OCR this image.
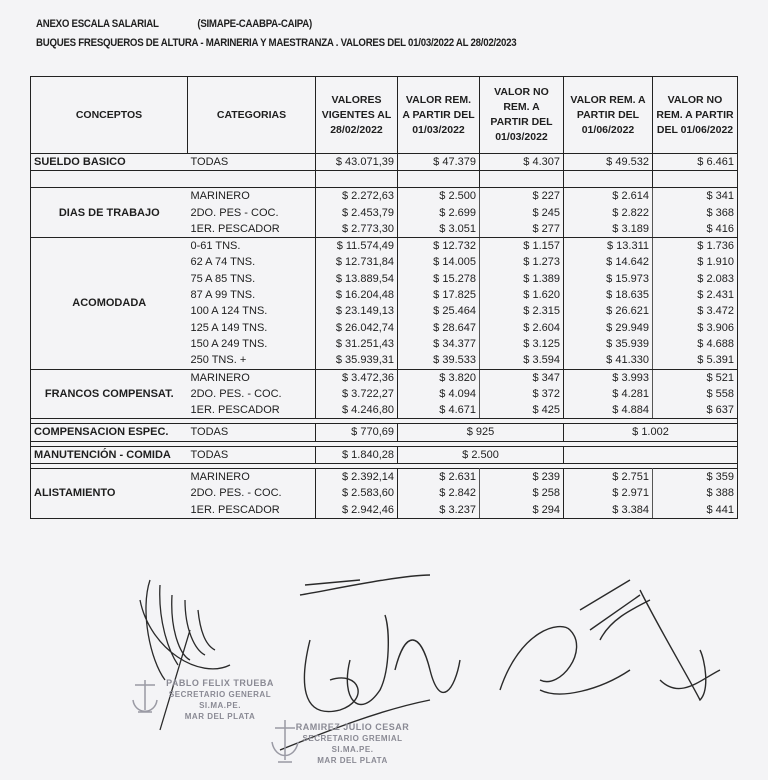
ANEXO ESCALA SALARIAL	(SIMAPE-CAABPA-CAIPA)
BUQUES FRESQUEROS DE ALTURA - MARINERIA Y MAESTRANZA . VALORES DEL 01/03/2022 AL 28/02/2023
CONCEPTOS	CATEGORIAS	VALORES VIGENTES AL 28/02/2022	VALOR REM. A PARTIR DEL 01/03/2022	VALOR NO REM. A PARTIR DEL 01/03/2022	VALOR REM. A PARTIR DEL 01/06/2022	VALOR NO REM. A PARTIR DEL 01/06/2022
SUELDO BASICO	TODAS	$ 43.071,39	$ 47.379	$ 4.307	$ 49.532	$ 6.461

DIAS DE TRABAJO	MARINERO	$ 2.272,63	$ 2.500	$ 227	$ 2.614	$ 341
	2DO. PES - COC.	$ 2.453,79	$ 2.699	$ 245	$ 2.822	$ 368
	1ER. PESCADOR	$ 2.773,30	$ 3.051	$ 277	$ 3.189	$ 416
ACOMODADA	0-61 TNS.	$ 11.574,49	$ 12.732	$ 1.157	$ 13.311	$ 1.736
	62 A 74 TNS.	$ 12.731,84	$ 14.005	$ 1.273	$ 14.642	$ 1.910
	75 A 85 TNS.	$ 13.889,54	$ 15.278	$ 1.389	$ 15.973	$ 2.083
	87 A 99 TNS.	$ 16.204,48	$ 17.825	$ 1.620	$ 18.635	$ 2.431
	100 A 124 TNS.	$ 23.149,13	$ 25.464	$ 2.315	$ 26.621	$ 3.472
	125 A 149 TNS.	$ 26.042,74	$ 28.647	$ 2.604	$ 29.949	$ 3.906
	150 A 249 TNS.	$ 31.251,43	$ 34.377	$ 3.125	$ 35.939	$ 4.688
	250 TNS. +	$ 35.939,31	$ 39.533	$ 3.594	$ 41.330	$ 5.391
FRANCOS COMPENSAT.	MARINERO	$ 3.472,36	$ 3.820	$ 347	$ 3.993	$ 521
	2DO. PES. - COC.	$ 3.722,27	$ 4.094	$ 372	$ 4.281	$ 558
	1ER. PESCADOR	$ 4.246,80	$ 4.671	$ 425	$ 4.884	$ 637

COMPENSACION ESPEC.	TODAS	$ 770,69	$ 925		$ 1.002	

MANUTENCIÓN - COMIDA	TODAS	$ 1.840,28	$ 2.500			

ALISTAMIENTO	MARINERO	$ 2.392,14	$ 2.631	$ 239	$ 2.751	$ 359
	2DO. PES. - COC.	$ 2.583,60	$ 2.842	$ 258	$ 2.971	$ 388
	1ER. PESCADOR	$ 2.942,46	$ 3.237	$ 294	$ 3.384	$ 441
PABLO FELIX TRUEBA
SECRETARIO GENERAL
SI.MA.PE.
MAR DEL PLATA
RAMIREZ JULIO CESAR
SECRETARIO GREMIAL
SI.MA.PE.
MAR DEL PLATA
